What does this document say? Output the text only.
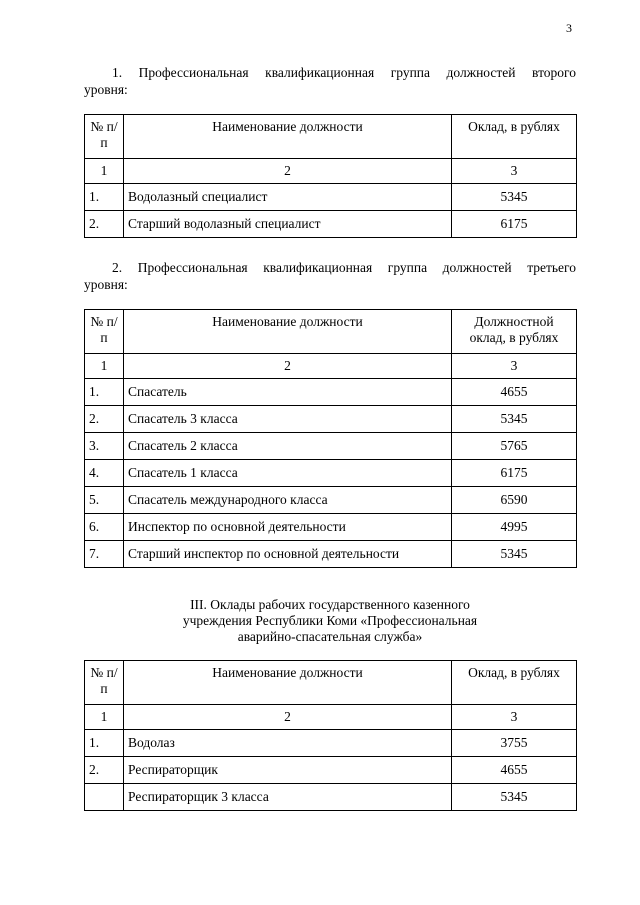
3
1. Профессиональная квалификационная группа должностей второго
уровня:
№ п/п	Наименование должности	Оклад, в рублях
1	2	3
1.	Водолазный специалист	5345
2.	Старший водолазный специалист	6175
2. Профессиональная квалификационная группа должностей третьего
уровня:
№ п/п	Наименование должности	Должностной оклад, в рублях
1	2	3
1.	Спасатель	4655
2.	Спасатель 3 класса	5345
3.	Спасатель 2 класса	5765
4.	Спасатель 1 класса	6175
5.	Спасатель международного класса	6590
6.	Инспектор по основной деятельности	4995
7.	Старший инспектор по основной деятельности	5345
III. Оклады рабочих государственного казенного
учреждения Республики Коми «Профессиональная
аварийно-спасательная служба»
№ п/п	Наименование должности	Оклад, в рублях
1	2	3
1.	Водолаз	3755
2.	Респираторщик	4655
	Респираторщик 3 класса	5345
